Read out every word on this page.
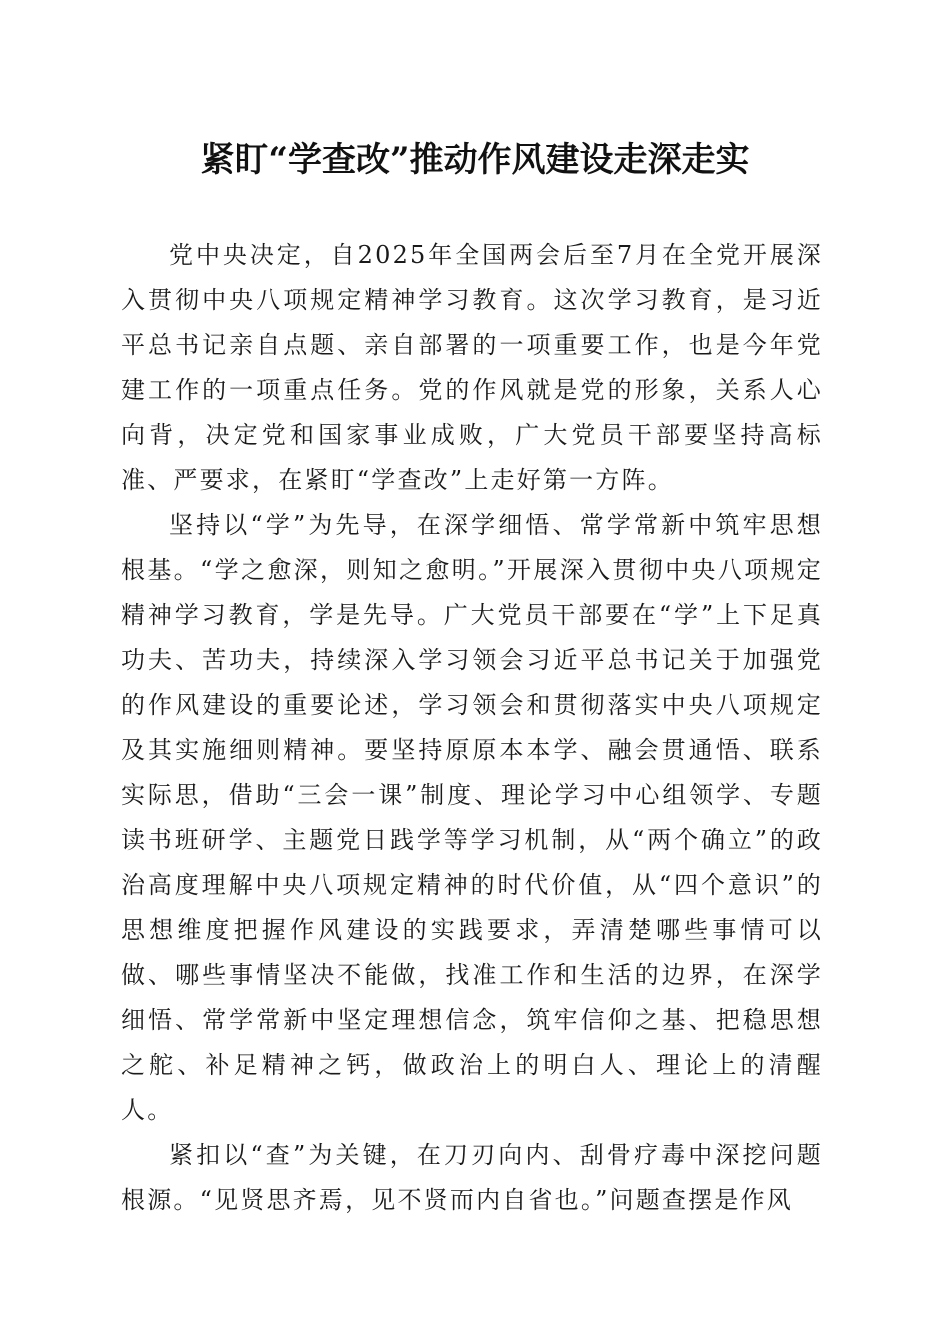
紧盯“学查改”推动作风建设走深走实

党中央决定，自2025年全国两会后至7月在全党开展深入贯彻中央八项规定精神学习教育。这次学习教育，是习近平总书记亲自点题、亲自部署的一项重要工作，也是今年党建工作的一项重点任务。党的作风就是党的形象，关系人心向背，决定党和国家事业成败，广大党员干部要坚持高标准、严要求，在紧盯“学查改”上走好第一方阵。

坚持以“学”为先导，在深学细悟、常学常新中筑牢思想根基。“学之愈深，则知之愈明。”开展深入贯彻中央八项规定精神学习教育，学是先导。广大党员干部要在“学”上下足真功夫、苦功夫，持续深入学习领会习近平总书记关于加强党的作风建设的重要论述，学习领会和贯彻落实中央八项规定及其实施细则精神。要坚持原原本本学、融会贯通悟、联系实际思，借助“三会一课”制度、理论学习中心组领学、专题读书班研学、主题党日践学等学习机制，从“两个确立”的政治高度理解中央八项规定精神的时代价值，从“四个意识”的思想维度把握作风建设的实践要求，弄清楚哪些事情可以做、哪些事情坚决不能做，找准工作和生活的边界，在深学细悟、常学常新中坚定理想信念，筑牢信仰之基、把稳思想之舵、补足精神之钙，做政治上的明白人、理论上的清醒人。

紧扣以“查”为关键，在刀刃向内、刮骨疗毒中深挖问题根源。“见贤思齐焉，见不贤而内自省也。”问题查摆是作风
